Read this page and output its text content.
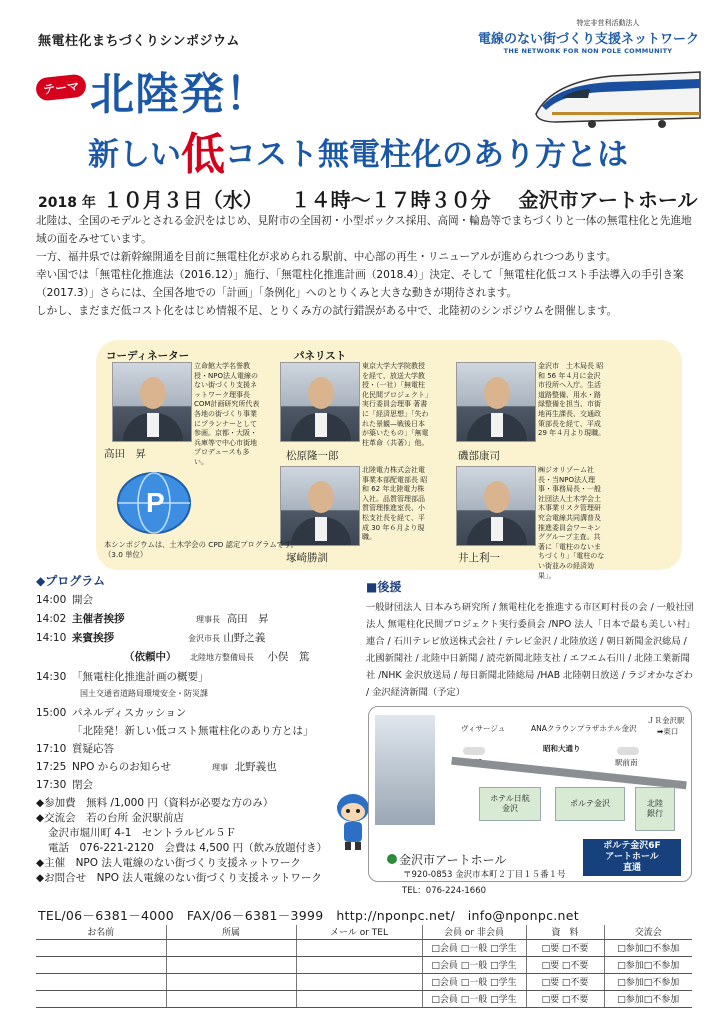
無電柱化まちづくりシンポジウム
特定非営利活動法人
電線のない街づくり支援ネットワーク
THE NETWORK FOR NON POLE COMMUNITY
テーマ 北陸発！
新しい低コスト無電柱化のあり方とは
2018 年 １０月３日（水） １４時〜１７時３０分 金沢市アートホール

北陸は、全国のモデルとされる金沢をはじめ、見附市の全国初・小型ボックス採用、高岡・輪島等でまちづくりと一体の無電柱化と先進地域の面をみせています。

一方、福井県では新幹線開通を目前に無電柱化が求められる駅前、中心部の再生・リニューアルが進められつつあります。

幸い国では「無電柱化推進法（2016.12）」施行、「無電柱化推進計画（2018.4）」決定、そして「無電柱化低コスト手法導入の手引き案（2017.3）」さらには、全国各地での「計画」「条例化」へのとりくみと大きな動きが期待されます。

しかし、まだまだ低コスト化をはじめ情報不足、とりくみ方の試行錯誤がある中で、北陸初のシンポジウムを開催します。

コーディネーター	パネリスト
立命館大学名誉教授・NPO法人電線のない街づくり支援ネットワーク理事長 COM計画研究所代表 各地の街づくり事業にプランナーとして参画。京都・大阪・兵庫等で中心市街地プロデュースも多い。
高田　昇
東京大学大学院教授を経て、放送大学教授・（一社）「無電柱化民間プロジェクト」実行委員会理事 著書に「経済思想」「失われた景観—戦後日本が築いたもの」「無電柱革命（共著）」他。
松原隆一郎
金沢市　土木局長 昭和 56 年４月に金沢市役所へ入庁。生活道路整備、用水・路緑整備を担当、市街地再生課長、交通政策部長を経て、平成 29 年４月より現職。
磯部康司
北陸電力株式会社電事業本部配電部長 昭和 62 年北陸電力株入社。品質管理部品質管理推進室長、小松支社長を経て、平成 30 年６月より現職。
塚崎勝訓
㈱ジオリゾーム社長・当NPO法人理事・事務局長・一般社団法人土木学会土木事業リスク管理研究会電線共同溝普及推進委員会ワーキンググループ主査。共著に「電柱のないまちづくり」「電柱のない街並みの経済効果」。
井上利一
P
本シンポジウムは、土木学会の CPD 認定プログラムです。
（3.0 単位）
◆プログラム
14:00 開会
14:02 主催者挨拶	理事長 高田　昇
14:10 来賓挨拶	金沢市長 山野之義
（依頼中） 北陸地方整備局長 小俣　篤
14:30 「無電柱化推進計画の概要」
国土交通省道路局環境安全・防災課
15:00 パネルディスカッション
「北陸発！新しい低コスト無電柱化のあり方とは」
17:10 質疑応答
17:25 NPO からのお知らせ	理事 北野義也
17:30 閉会
■後援
一般財団法人 日本みち研究所 / 無電柱化を推進する市区町村長の会 / 一般社団法人 無電柱化民間プロジェクト実行委員会 /NPO 法人「日本で最も美しい村」連合 / 石川テレビ放送株式会社 / テレビ金沢 / 北陸放送 / 朝日新聞金沢総局 / 北國新聞社 / 北陸中日新聞 / 読売新聞北陸支社 / エフエム石川 / 北陸工業新聞社 /NHK 金沢放送局 / 毎日新聞北陸総局 /HAB 北陸朝日放送 / ラジオかなざわ / 金沢経済新聞（予定）
◆参加費　無料 /1,000 円（資料が必要な方のみ）
◆交流会　若の台所 金沢駅前店
金沢市堀川町 4-1　セントラルビル５Ｆ
電話　076-221-2120　会費は 4,500 円（飲み放題付き）
◆主催　NPO 法人電線のない街づくり支援ネットワーク
◆お問合せ　NPO 法人電線のない街づくり支援ネットワーク
ヴィサージュ	ANAクラウンプラザホテル金沢
ＪＲ金沢駅
➡東口
昭和大通り
駅前南
ホテル日航
金沢
ポルテ金沢	北陸
銀行
ポルテ金沢6F
アートホール
直通
金沢市アートホール
〒920-0853 金沢市本町２丁目１５番１号
TEL：076-224-1660
TEL/06－6381－4000　FAX/06－6381－3999　http://nponpc.net/　info@nponpc.net
お名前	所属	メール or TEL	会員 or 非会員	資　料	交流会
			□会員 □一般 □学生	□要 □不要	□参加□不参加
			□会員 □一般 □学生	□要 □不要	□参加□不参加
			□会員 □一般 □学生	□要 □不要	□参加□不参加
			□会員 □一般 □学生	□要 □不要	□参加□不参加
